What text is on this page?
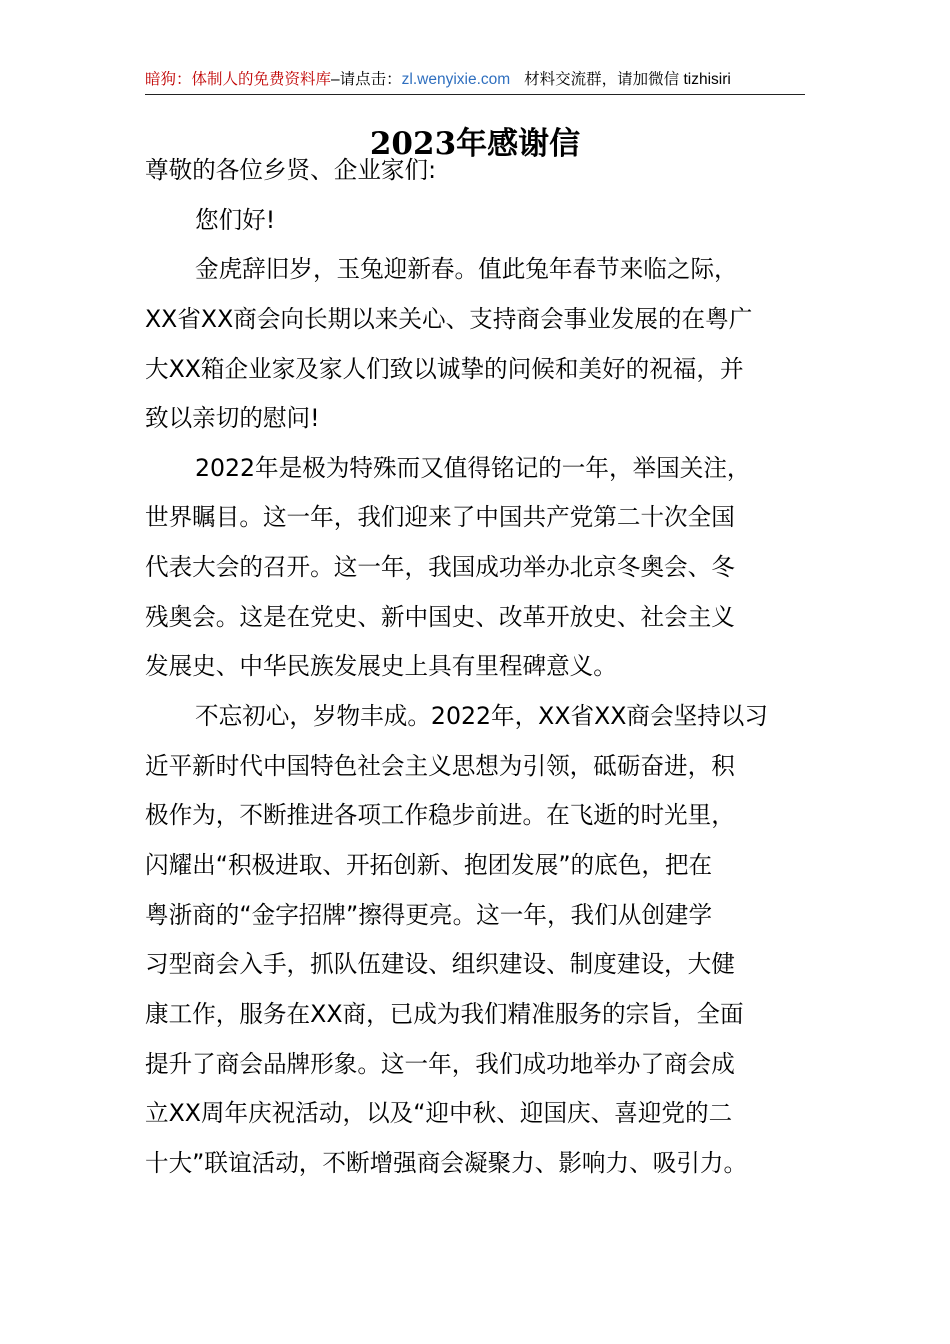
暗狗：体制人的免费资料库–请点击：zl.wenyixie.com 材料交流群，请加微信 tizhisiri
2023年感谢信
尊敬的各位乡贤、企业家们:
您们好!
金虎辞旧岁，玉兔迎新春。值此兔年春节来临之际，
XX省XX商会向长期以来关心、支持商会事业发展的在粤广
大XX箱企业家及家人们致以诚挚的问候和美好的祝福，并
致以亲切的慰问!
2022年是极为特殊而又值得铭记的一年，举国关注，
世界瞩目。这一年，我们迎来了中国共产党第二十次全国
代表大会的召开。这一年，我国成功举办北京冬奥会、冬
残奥会。这是在党史、新中国史、改革开放史、社会主义
发展史、中华民族发展史上具有里程碑意义。
不忘初心，岁物丰成。2022年，XX省XX商会坚持以习
近平新时代中国特色社会主义思想为引领，砥砺奋进，积
极作为，不断推进各项工作稳步前进。在飞逝的时光里，
闪耀出“积极进取、开拓创新、抱团发展”的底色，把在
粤浙商的“金字招牌”擦得更亮。这一年，我们从创建学
习型商会入手，抓队伍建设、组织建设、制度建设，大健
康工作，服务在XX商，已成为我们精准服务的宗旨，全面
提升了商会品牌形象。这一年，我们成功地举办了商会成
立XX周年庆祝活动，以及“迎中秋、迎国庆、喜迎党的二
十大”联谊活动，不断增强商会凝聚力、影响力、吸引力。
